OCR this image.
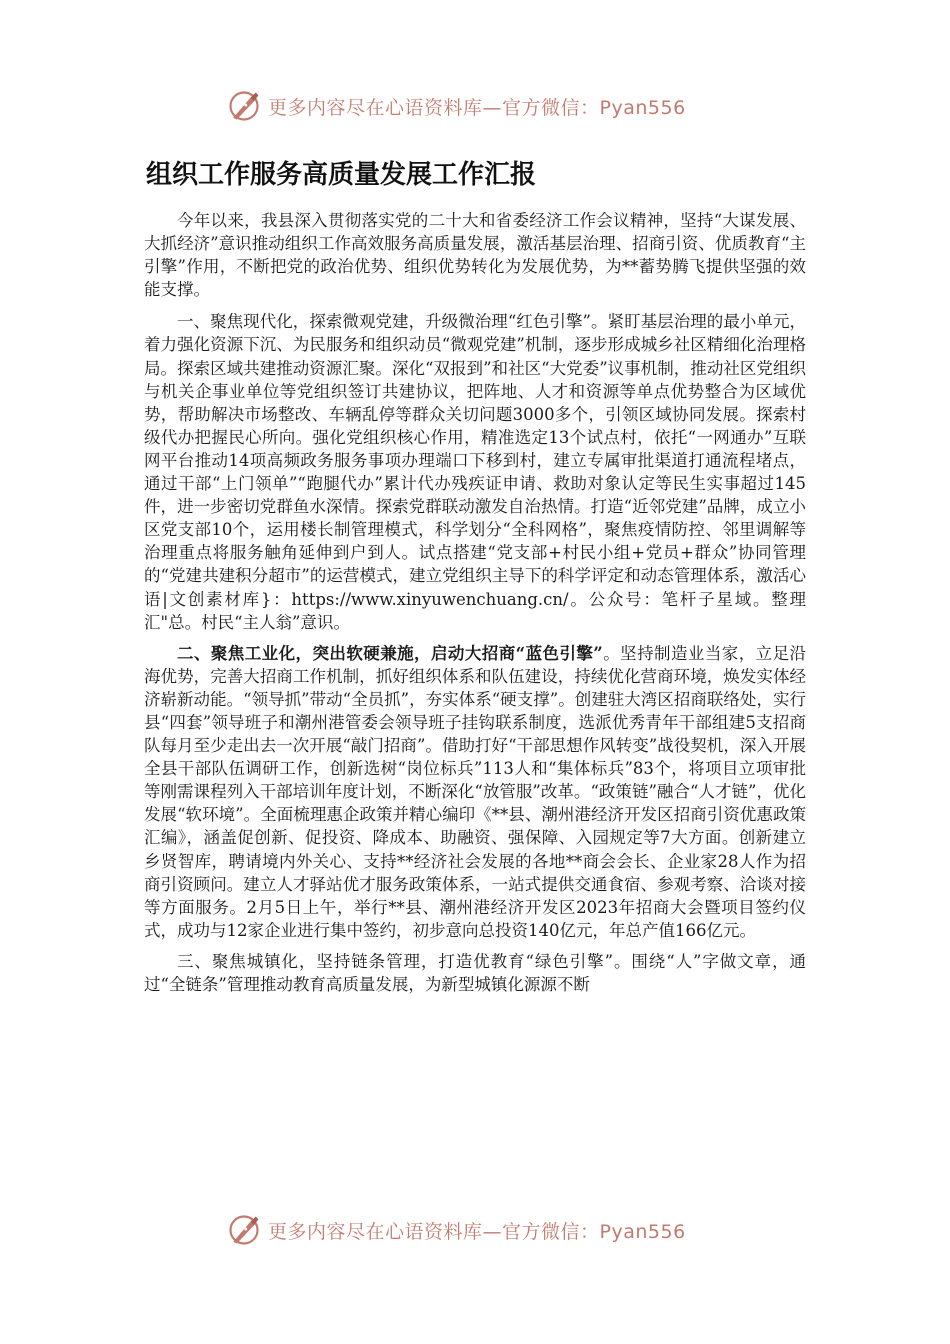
更多内容尽在心语资料库—官方微信：Pyan556
组织工作服务高质量发展工作汇报

今年以来，我县深入贯彻落实党的二十大和省委经济工作会议精神，坚持“大谋发展、大抓经济”意识推动组织工作高效服务高质量发展，激活基层治理、招商引资、优质教育“主引擎”作用，不断把党的政治优势、组织优势转化为发展优势，为**蓄势腾飞提供坚强的效能支撑。

一、聚焦现代化，探索微观党建，升级微治理“红色引擎”。紧盯基层治理的最小单元，着力强化资源下沉、为民服务和组织动员“微观党建”机制，逐步形成城乡社区精细化治理格局。探索区域共建推动资源汇聚。深化“双报到”和社区“大党委”议事机制，推动社区党组织与机关企事业单位等党组织签订共建协议，把阵地、人才和资源等单点优势整合为区域优势，帮助解决市场整改、车辆乱停等群众关切问题3000多个，引领区域协同发展。探索村级代办把握民心所向。强化党组织核心作用，精准选定13个试点村，依托“一网通办”互联网平台推动14项高频政务服务事项办理端口下移到村，建立专属审批渠道打通流程堵点，通过干部“上门领单”“跑腿代办”累计代办残疾证申请、救助对象认定等民生实事超过145件，进一步密切党群鱼水深情。探索党群联动激发自治热情。打造“近邻党建”品牌，成立小区党支部10个，运用楼长制管理模式，科学划分“全科网格”，聚焦疫情防控、邻里调解等治理重点将服务触角延伸到户到人。试点搭建“党支部+村民小组+党员+群众”协同管理的“党建共建积分超市”的运营模式，建立党组织主导下的科学评定和动态管理体系，激活心语|文创素材库}：https://www.xinyuwenchuang.cn/。公众号：笔杆子星域。整理汇"总。村民“主人翁”意识。

二、聚焦工业化，突出软硬兼施，启动大招商“蓝色引擎”。坚持制造业当家，立足沿海优势，完善大招商工作机制，抓好组织体系和队伍建设，持续优化营商环境，焕发实体经济崭新动能。“领导抓”带动“全员抓”，夯实体系“硬支撑”。创建驻大湾区招商联络处，实行县“四套”领导班子和潮州港管委会领导班子挂钩联系制度，选派优秀青年干部组建5支招商队每月至少走出去一次开展“敲门招商”。借助打好“干部思想作风转变”战役契机，深入开展全县干部队伍调研工作，创新选树“岗位标兵”113人和“集体标兵”83个，将项目立项审批等刚需课程列入干部培训年度计划，不断深化“放管服”改革。“政策链”融合“人才链”，优化发展“软环境”。全面梳理惠企政策并精心编印《**县、潮州港经济开发区招商引资优惠政策汇编》，涵盖促创新、促投资、降成本、助融资、强保障、入园规定等7大方面。创新建立乡贤智库，聘请境内外关心、支持**经济社会发展的各地**商会会长、企业家28人作为招商引资顾问。建立人才驿站优才服务政策体系，一站式提供交通食宿、参观考察、洽谈对接等方面服务。2月5日上午，举行**县、潮州港经济开发区2023年招商大会暨项目签约仪式，成功与12家企业进行集中签约，初步意向总投资140亿元，年总产值166亿元。

三、聚焦城镇化，坚持链条管理，打造优教育“绿色引擎”。围绕“人”字做文章，通过“全链条”管理推动教育高质量发展，为新型城镇化源源不断

更多内容尽在心语资料库—官方微信：Pyan556
